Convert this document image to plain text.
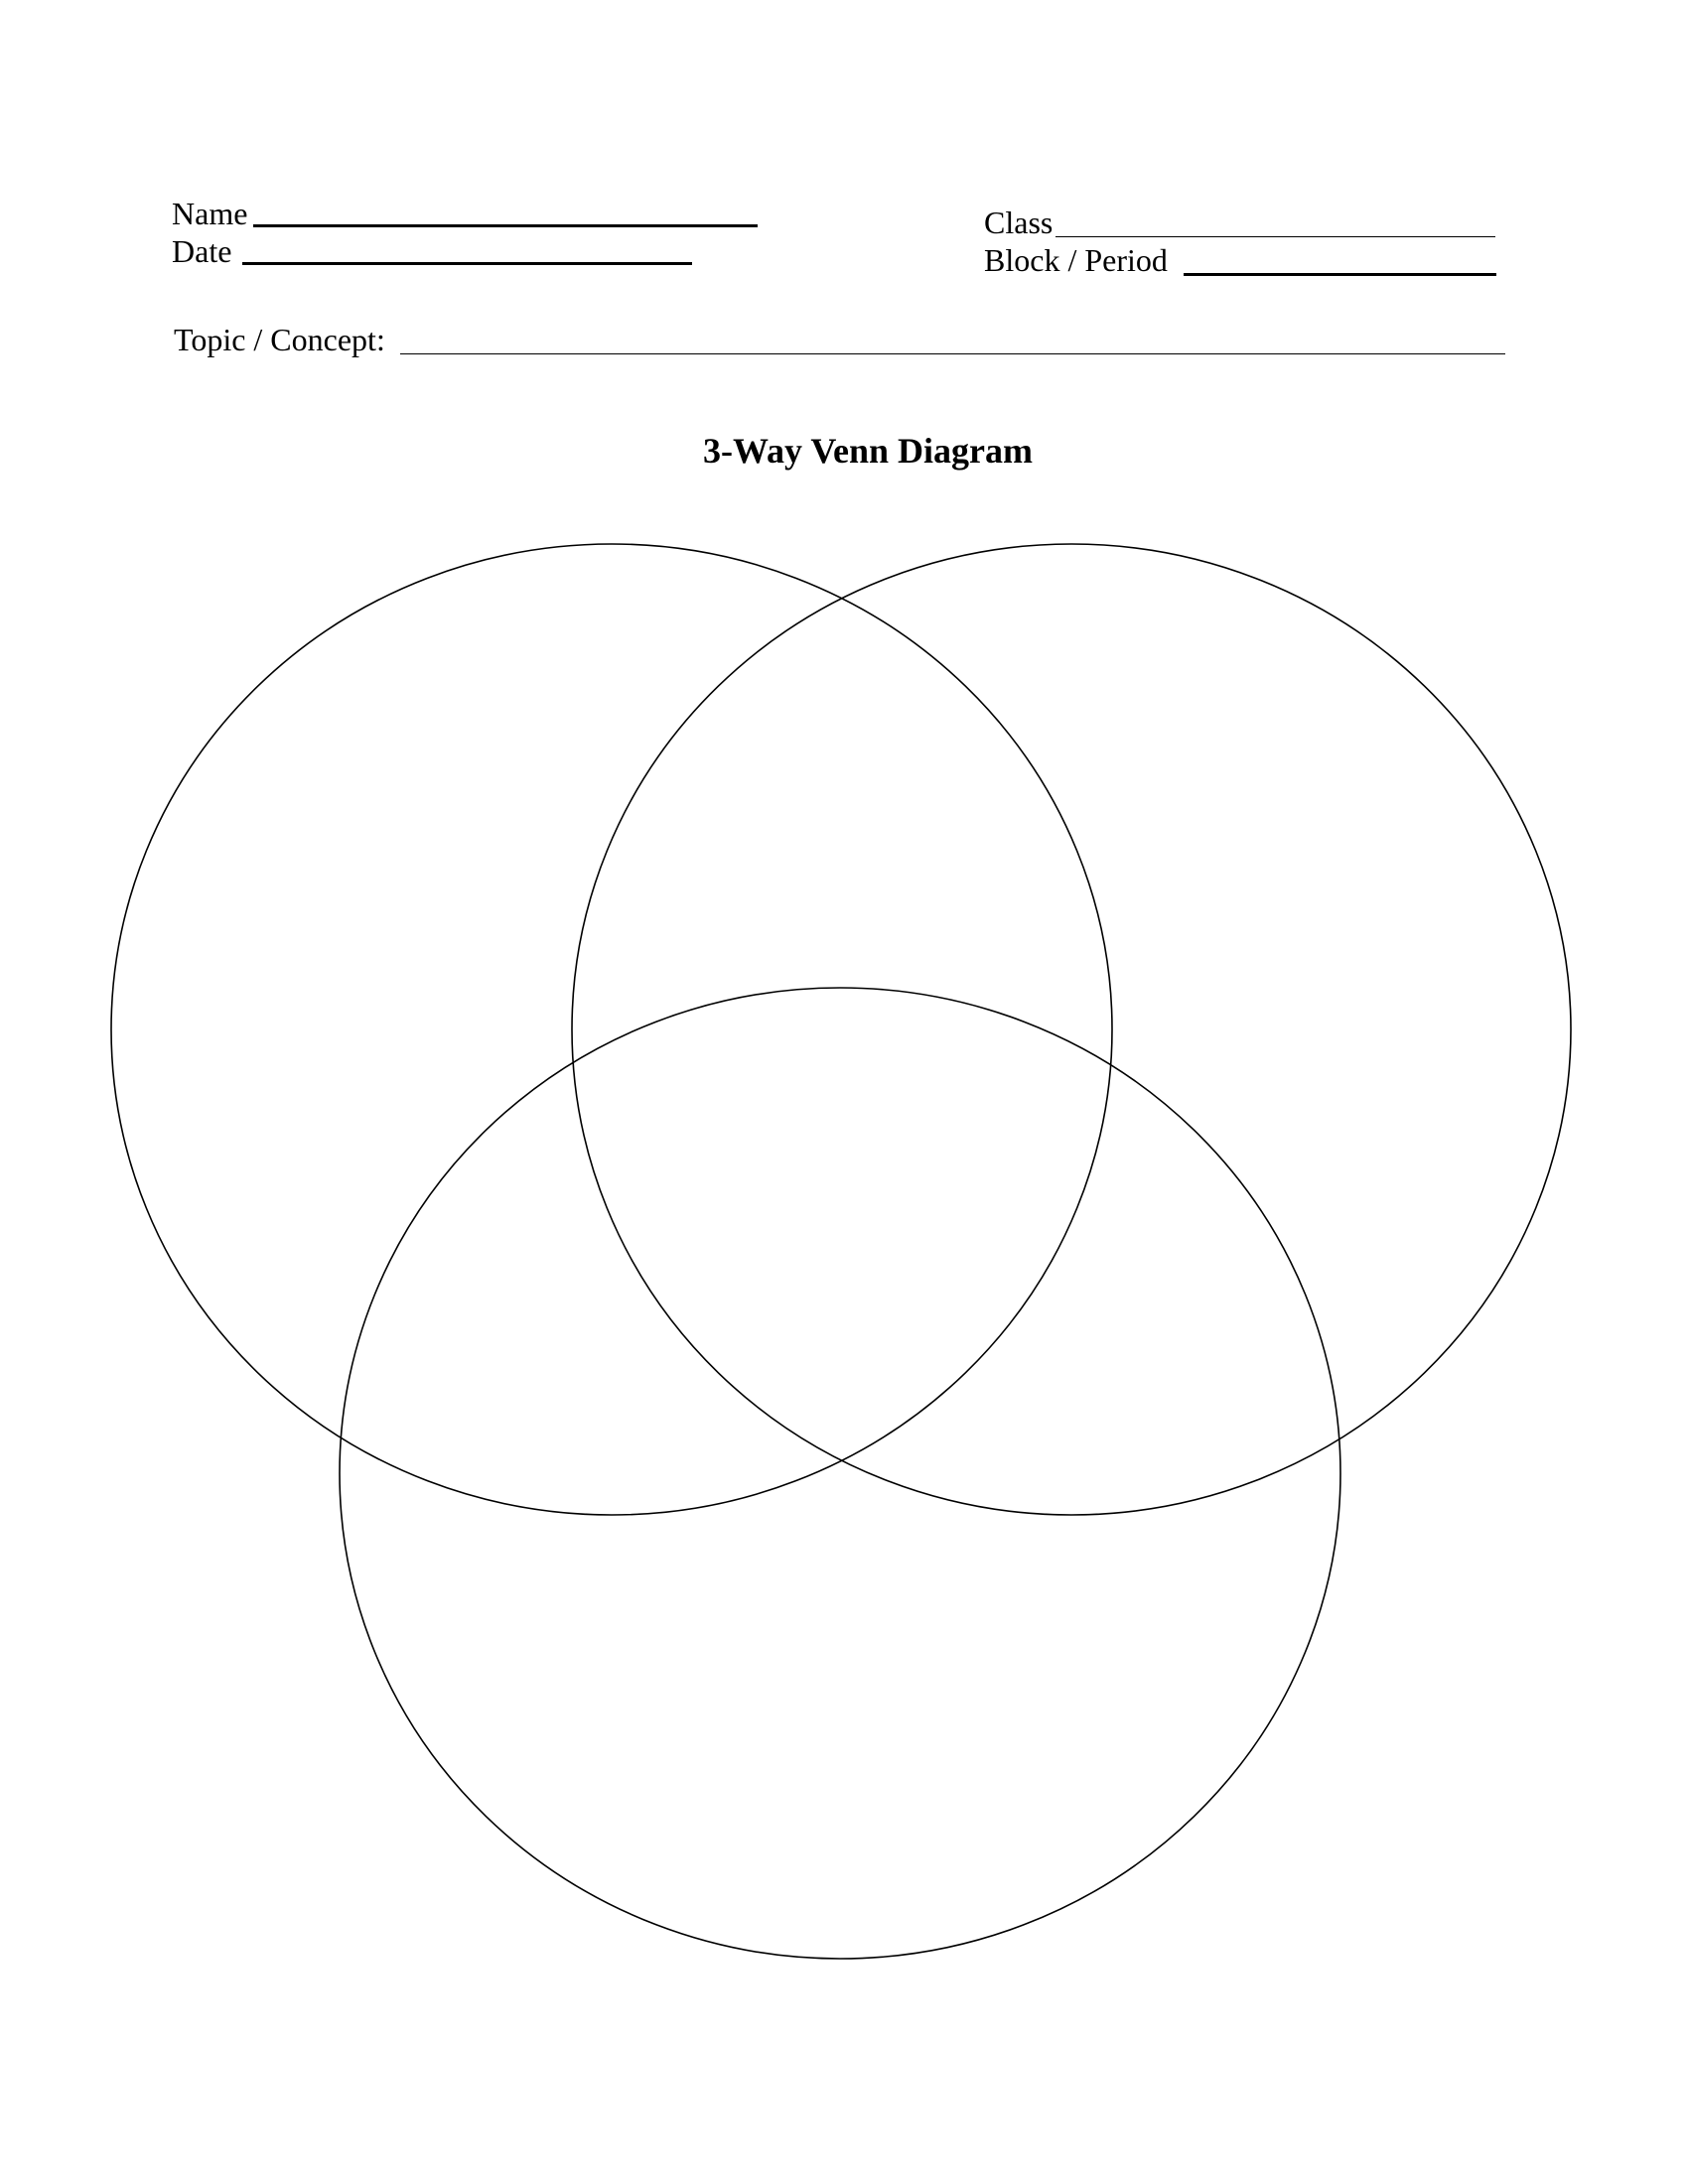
Name
Date
Class
Block / Period
Topic / Concept:
3-Way Venn Diagram
